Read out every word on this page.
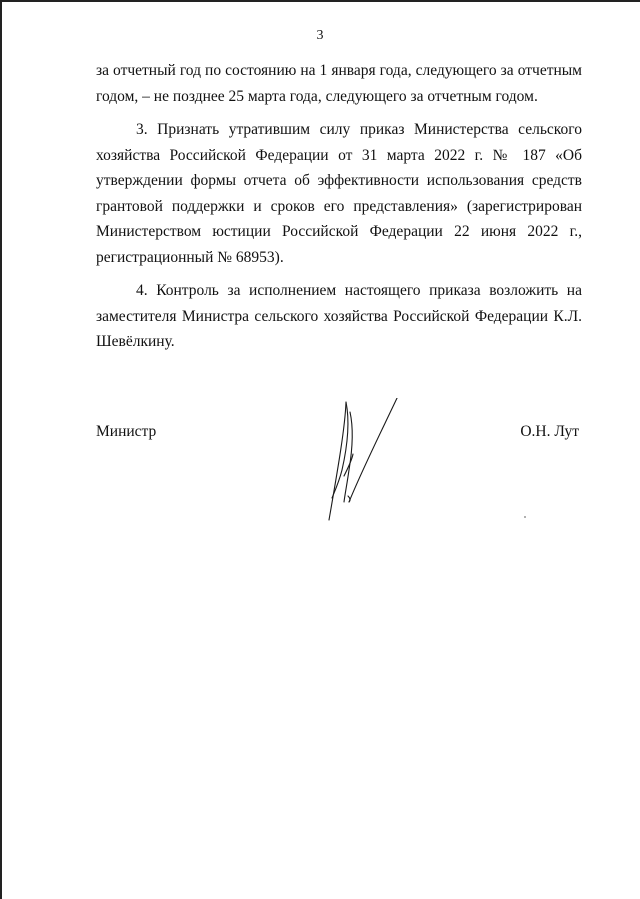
3

за отчетный год по состоянию на 1 января года, следующего за отчетным годом, – не позднее 25 марта года, следующего за отчетным годом.

3. Признать утратившим силу приказ Министерства сельского хозяйства Российской Федерации от 31 марта 2022 г. № 187 «Об утверждении формы отчета об эффективности использования средств грантовой поддержки и сроков его представления» (зарегистрирован Министерством юстиции Российской Федерации 22 июня 2022 г., регистрационный № 68953).

4. Контроль за исполнением настоящего приказа возложить на заместителя Министра сельского хозяйства Российской Федерации К.Л. Шевёлкину.

Министр	О.Н. Лут
